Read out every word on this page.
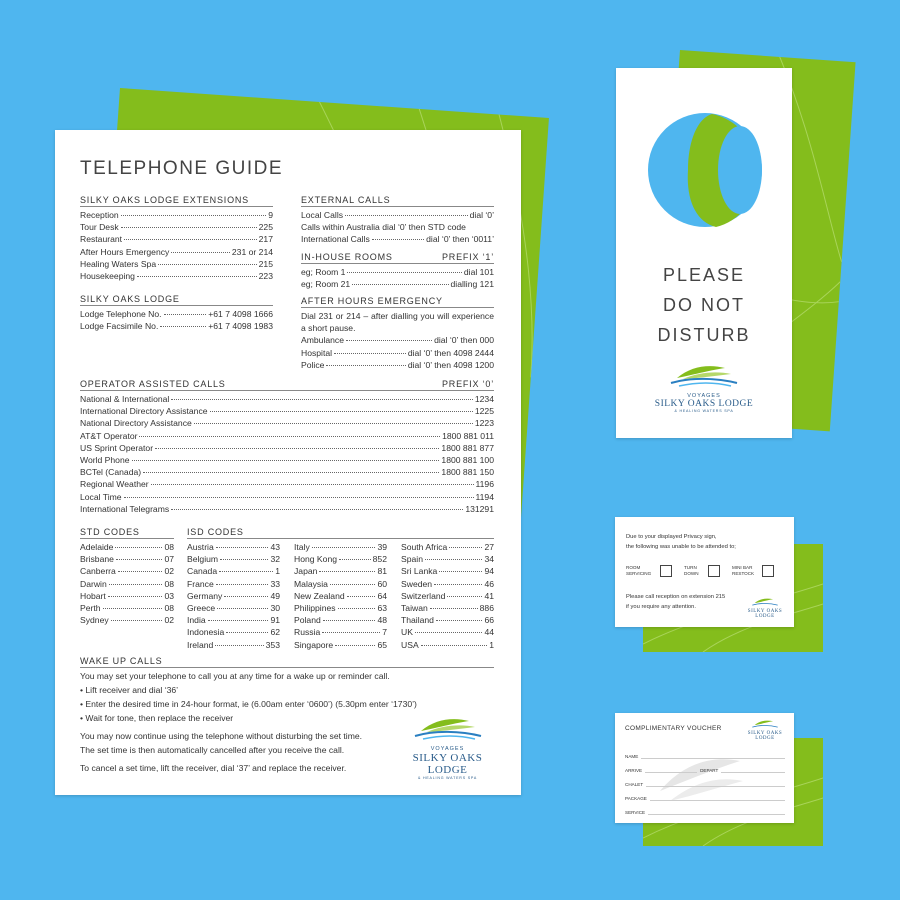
TELEPHONE GUIDE
SILKY OAKS LODGE EXTENSIONS
Reception	9
Tour Desk	225
Restaurant	217
After Hours Emergency	231 or 214
Healing Waters Spa	215
Housekeeping	223
SILKY OAKS LODGE
Lodge Telephone No.	+61 7 4098 1666
Lodge Facsimile No.	+61 7 4098 1983
EXTERNAL CALLS
Local Calls	dial ‘0’
Calls within Australia dial ‘0’ then STD code
International Calls	dial ‘0’ then ‘0011’
IN-HOUSE ROOMS	PREFIX ‘1’
eg; Room 1	dial 101
eg; Room 21	dialling 121
AFTER HOURS EMERGENCY
Dial 231 or 214 – after dialling you will experience a short pause.
Ambulance	dial ‘0’ then 000
Hospital	dial ‘0’ then 4098 2444
Police	dial ‘0’ then 4098 1200
OPERATOR ASSISTED CALLS	PREFIX ‘0’
National & International	1234
International Directory Assistance	1225
National Directory Assistance	1223
AT&T Operator	1800 881 011
US Sprint Operator	1800 881 877
World Phone	1800 881 100
BCTel (Canada)	1800 881 150
Regional Weather	1196
Local Time	1194
International Telegrams	131291
STD CODES
Adelaide	08
Brisbane	07
Canberra	02
Darwin	08
Hobart	03
Perth	08
Sydney	02
ISD CODES
Austria	43
Belgium	32
Canada	1
France	33
Germany	49
Greece	30
India	91
Indonesia	62
Ireland	353
Italy	39
Hong Kong	852
Japan	81
Malaysia	60
New Zealand	64
Philippines	63
Poland	48
Russia	7
Singapore	65
South Africa	27
Spain	34
Sri Lanka	94
Sweden	46
Switzerland	41
Taiwan	886
Thailand	66
UK	44
USA	1
WAKE UP CALLS

You may set your telephone to call you at any time for a wake up or reminder call.

• Lift receiver and dial ‘36’

• Enter the desired time in 24-hour format, ie (6.00am enter ‘0600’) (5.30pm enter ‘1730’)

• Wait for tone, then replace the receiver

You may now continue using the telephone without disturbing the set time.

The set time is then automatically cancelled after you receive the call.

To cancel a set time, lift the receiver, dial ‘37’ and replace the receiver.

VOYAGES
SILKY OAKS LODGE
& HEALING WATERS SPA
PLEASE
DO NOT
DISTURB
VOYAGES
SILKY OAKS LODGE
& HEALING WATERS SPA
Due to your displayed Privacy sign,
the following was unable to be attended to;
ROOM SERVICING
TURN DOWN
MINI BAR RESTOCK
Please call reception on extension 215
if you require any attention.
SILKY OAKS LODGE
COMPLIMENTARY VOUCHER
SILKY OAKS LODGE
NAME
ARRIVE	DEPART
CHALET
PACKAGE
SERVICE
